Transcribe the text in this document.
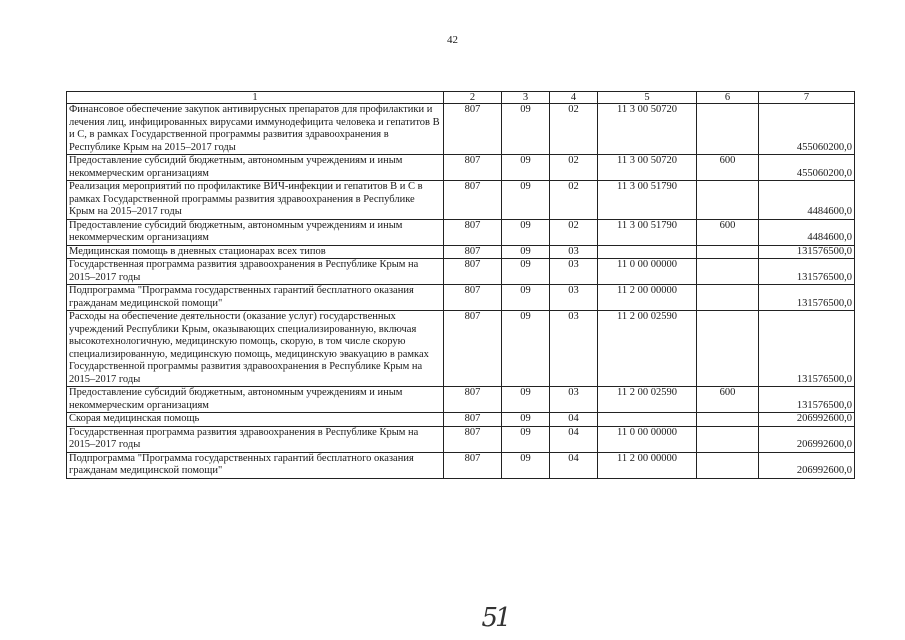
42
1	2	3	4	5	6	7
Финансовое обеспечение закупок антивирусных препаратов для профилактики и лечения лиц, инфицированных вирусами иммунодефицита человека и гепатитов В и С, в рамках Государственной программы развития здравоохранения в Республике Крым на 2015–2017 годы	807	09	02	11 3 00 50720		455060200,0
Предоставление субсидий бюджетным, автономным учреждениям и иным некоммерческим организациям	807	09	02	11 3 00 50720	600	455060200,0
Реализация мероприятий по профилактике ВИЧ-инфекции и гепатитов В и С в рамках Государственной программы развития здравоохранения в Республике Крым на 2015–2017 годы	807	09	02	11 3 00 51790		4484600,0
Предоставление субсидий бюджетным, автономным учреждениям и иным некоммерческим организациям	807	09	02	11 3 00 51790	600	4484600,0
Медицинская помощь в дневных стационарах всех типов	807	09	03			131576500,0
Государственная программа развития здравоохранения в Республике Крым на 2015–2017 годы	807	09	03	11 0 00 00000		131576500,0
Подпрограмма "Программа государственных гарантий бесплатного оказания гражданам медицинской помощи"	807	09	03	11 2 00 00000		131576500,0
Расходы на обеспечение деятельности (оказание услуг) государственных учреждений Республики Крым, оказывающих специализированную, включая высокотехнологичную, медицинскую помощь, скорую, в том числе скорую специализированную, медицинскую помощь, медицинскую эвакуацию в рамках Государственной программы развития здравоохранения в Республике Крым на 2015–2017 годы	807	09	03	11 2 00 02590		131576500,0
Предоставление субсидий бюджетным, автономным учреждениям и иным некоммерческим организациям	807	09	03	11 2 00 02590	600	131576500,0
Скорая медицинская помощь	807	09	04			206992600,0
Государственная программа развития здравоохранения в Республике Крым на 2015–2017 годы	807	09	04	11 0 00 00000		206992600,0
Подпрограмма "Программа государственных гарантий бесплатного оказания гражданам медицинской помощи"	807	09	04	11 2 00 00000		206992600,0
51
